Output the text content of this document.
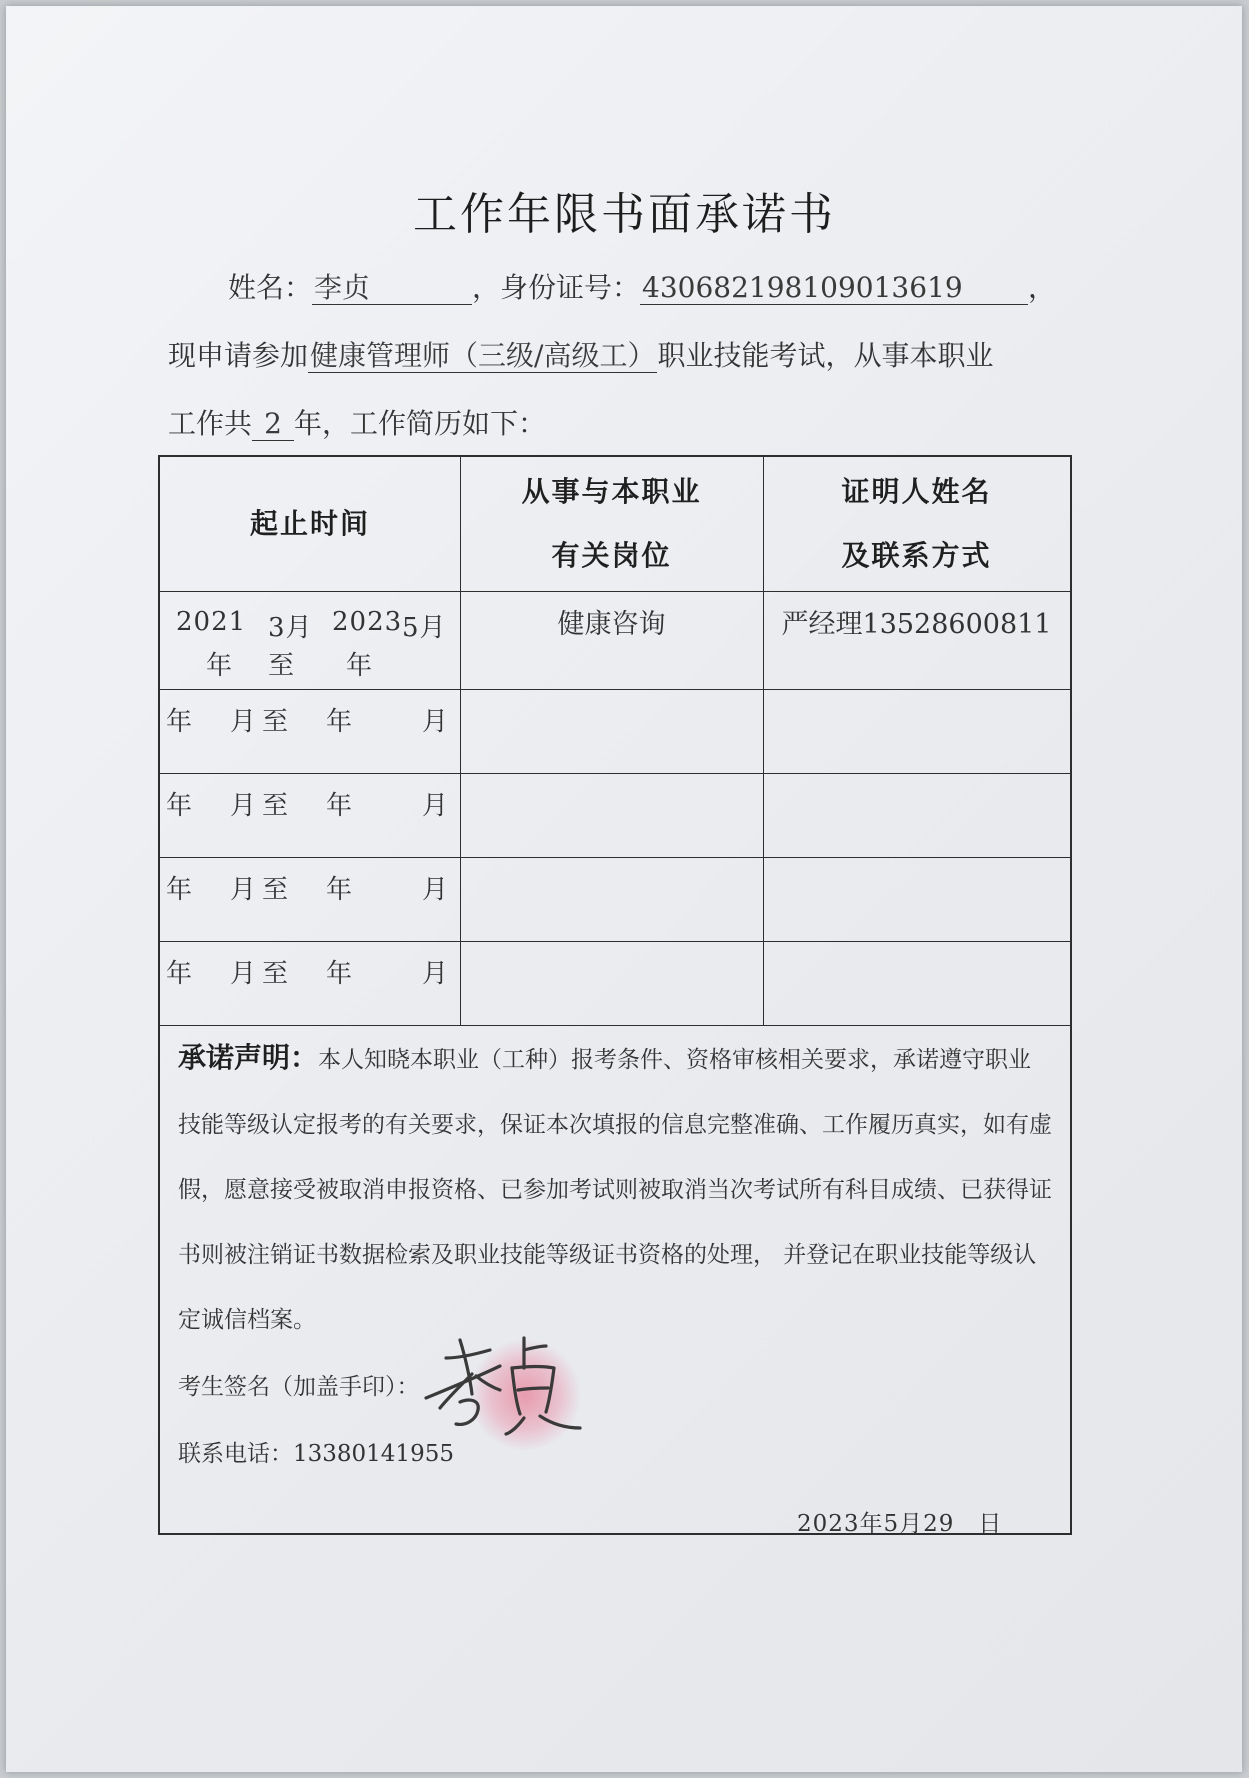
工作年限书面承诺书
姓名：李贞	，身份证号：430682198109013619 ，
现申请参加健康管理师（三级/高级工）职业技能考试，从事本职业
工作共 2 年，工作简历如下：
起止时间
从事与本职业
有关岗位
证明人姓名
及联系方式
2021 3月 2023 5月
年 至 年
健康咨询	严经理13528600811
年　月至　年　　月
年　月至　年　　月
年　月至　年　　月
年　月至　年　　月
承诺声明：本人知晓本职业（工种）报考条件、资格审核相关要求，承诺遵守职业技能等级认定报考的有关要求，保证本次填报的信息完整准确、工作履历真实，如有虚假，愿意接受被取消申报资格、已参加考试则被取消当次考试所有科目成绩、已获得证书则被注销证书数据检索及职业技能等级证书资格的处理， 并登记在职业技能等级认定诚信档案。
考生签名（加盖手印）：
联系电话：13380141955
2023年5月29　日
